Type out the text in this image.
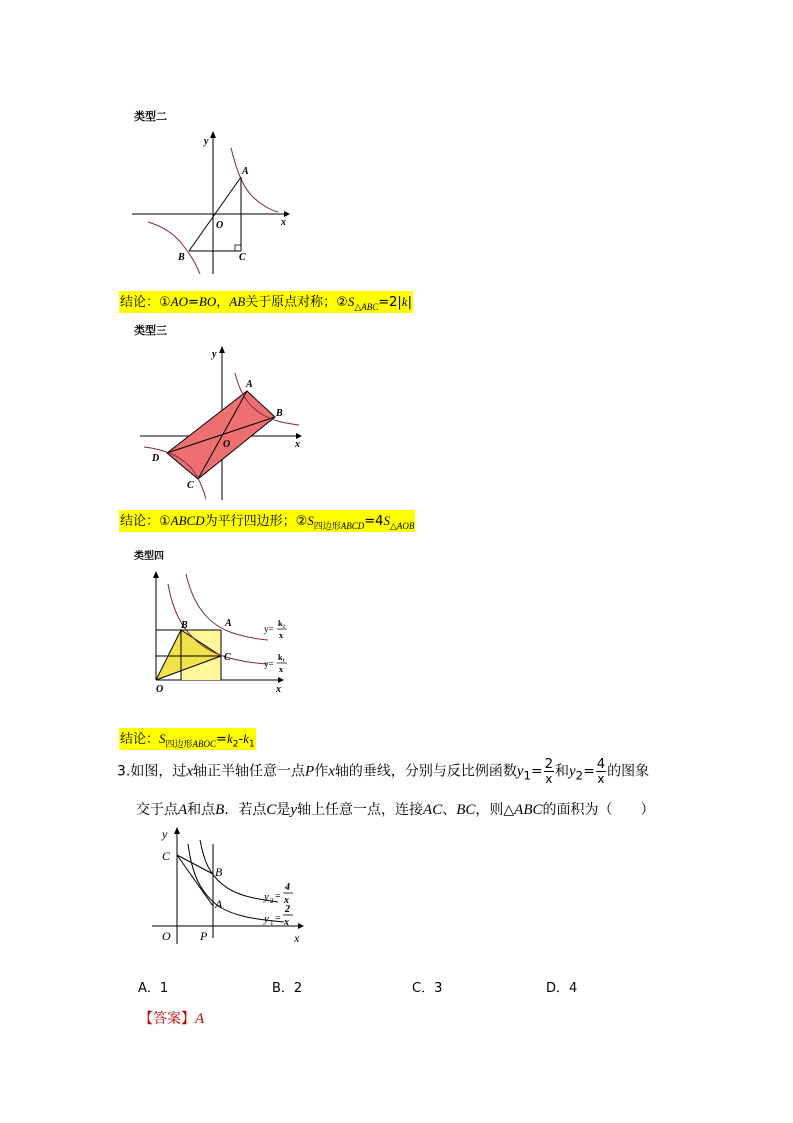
类型二
A
B	C
O	x
y
结论：①AO=BO，AB关于原点对称；$②S_{\triangle ABC}=2|k|$
类型三
A
B
C
D
O	x
y
结论：①ABCD为平行四边形；$②S_{四边形ABCD}=4S_{\triangle AOB}$
类型四
B	A
C
O	x
y=
k₂
x
y=
k₁
x
结论：$S_{四边形ABOC}=k_2-k_1$
3.如图，过x轴正半轴任意一点P作x轴的垂线，分别与反比例函数$y_1= \frac{2}{x}$ 和$y_2= \frac{4}{x}$ 的图象
交于点A和点B．若点C是y轴上任意一点，连接AC、BC，则△ABC的面积为（　　）
C
B
A
O P	x
y
y 2 =
4
x
y 1 =
2
x
A．1	B．2	C．3	D．4
【答案】A
